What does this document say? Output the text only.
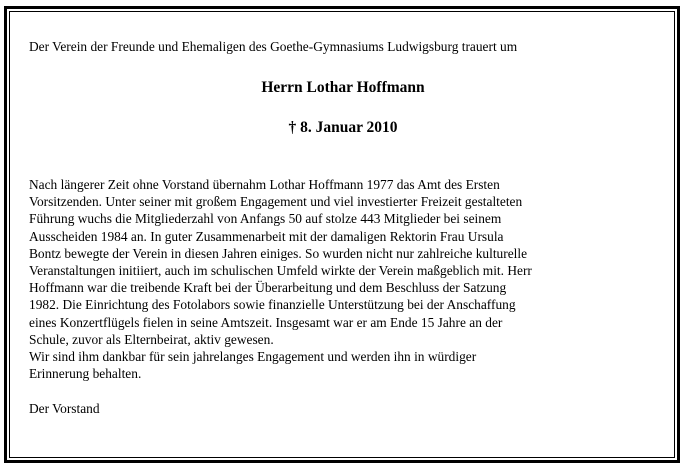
Der Verein der Freunde und Ehemaligen des Goethe-Gymnasiums Ludwigsburg trauert um
Herrn Lothar Hoffmann
† 8. Januar 2010
Nach längerer Zeit ohne Vorstand übernahm Lothar Hoffmann 1977 das Amt des Ersten
Vorsitzenden. Unter seiner mit großem Engagement und viel investierter Freizeit gestalteten
Führung wuchs die Mitgliederzahl von Anfangs 50 auf stolze 443 Mitglieder bei seinem
Ausscheiden 1984 an. In guter Zusammenarbeit mit der damaligen Rektorin Frau Ursula
Bontz bewegte der Verein in diesen Jahren einiges. So wurden nicht nur zahlreiche kulturelle
Veranstaltungen initiiert, auch im schulischen Umfeld wirkte der Verein maßgeblich mit. Herr
Hoffmann war die treibende Kraft bei der Überarbeitung und dem Beschluss der Satzung
1982. Die Einrichtung des Fotolabors sowie finanzielle Unterstützung bei der Anschaffung
eines Konzertflügels fielen in seine Amtszeit. Insgesamt war er am Ende 15 Jahre an der
Schule, zuvor als Elternbeirat, aktiv gewesen.
Wir sind ihm dankbar für sein jahrelanges Engagement und werden ihn in würdiger
Erinnerung behalten.
Der Vorstand
